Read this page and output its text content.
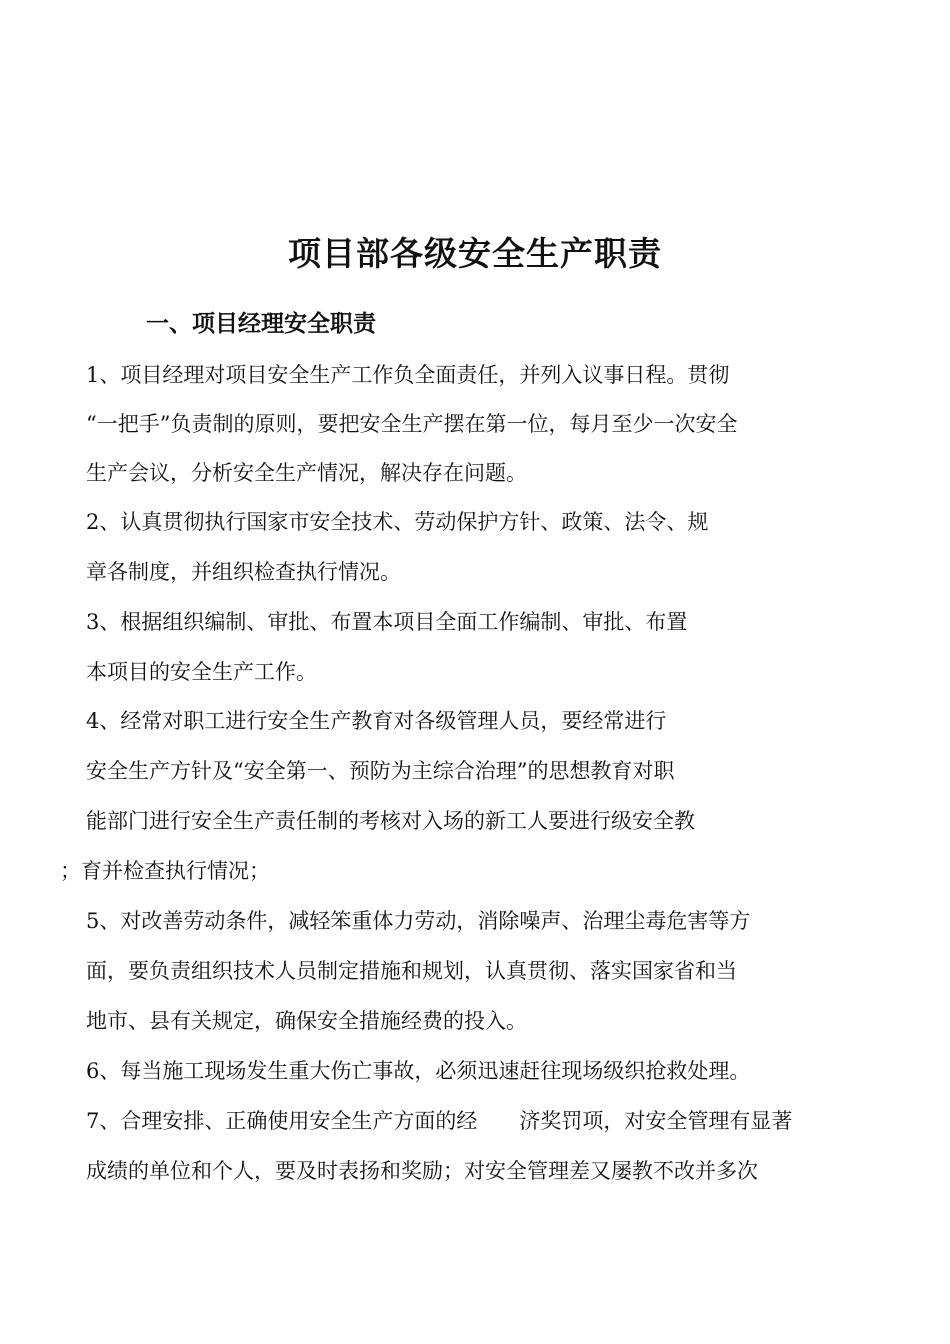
项目部各级安全生产职责
一、项目经理安全职责
1、项目经理对项目安全生产工作负全面责任，并列入议事日程。贯彻
“一把手”负责制的原则，要把安全生产摆在第一位，每月至少一次安全
生产会议，分析安全生产情况，解决存在问题。
2、认真贯彻执行国家市安全技术、劳动保护方针、政策、法令、规
章各制度，并组织检查执行情况。
3、根据组织编制、审批、布置本项目全面工作编制、审批、布置
本项目的安全生产工作。
4、经常对职工进行安全生产教育对各级管理人员，要经常进行
安全生产方针及“安全第一、预防为主综合治理”的思想教育对职
能部门进行安全生产责任制的考核对入场的新工人要进行级安全教
；育并检查执行情况；
5、对改善劳动条件，减轻笨重体力劳动，消除噪声、治理尘毒危害等方
面，要负责组织技术人员制定措施和规划，认真贯彻、落实国家省和当
地市、县有关规定，确保安全措施经费的投入。
6、每当施工现场发生重大伤亡事故，必须迅速赶往现场级织抢救处理。
7、合理安排、正确使用安全生产方面的经　　济奖罚项，对安全管理有显著
成绩的单位和个人，要及时表扬和奖励；对安全管理差又屡教不改并多次
